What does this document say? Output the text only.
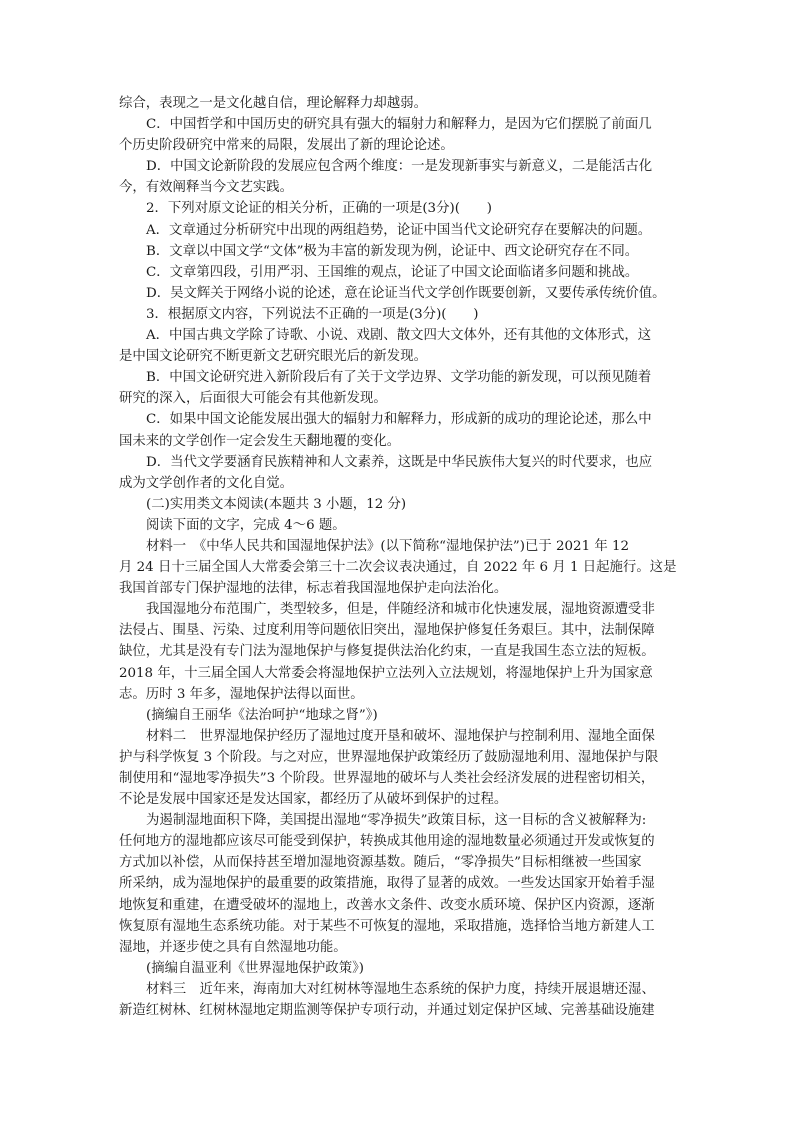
综合，表现之一是文化越自信，理论解释力却越弱。
C．中国哲学和中国历史的研究具有强大的辐射力和解释力，是因为它们摆脱了前面几
个历史阶段研究中常来的局限，发展出了新的理论论述。
D．中国文论新阶段的发展应包含两个维度：一是发现新事实与新意义，二是能活古化
今，有效阐释当今文艺实践。
2．下列对原文论证的相关分析，正确的一项是(3分)(　　)
A．文章通过分析研究中出现的两组趋势，论证中国当代文论研究存在要解决的问题。
B．文章以中国文学“文体”极为丰富的新发现为例，论证中、西文论研究存在不同。
C．文章第四段，引用严羽、王国维的观点，论证了中国文论面临诸多问题和挑战。
D．吴文辉关于网络小说的论述，意在论证当代文学创作既要创新，又要传承传统价值。
3．根据原文内容，下列说法不正确的一项是(3分)(　　)
A．中国古典文学除了诗歌、小说、戏剧、散文四大文体外，还有其他的文体形式，这
是中国文论研究不断更新文艺研究眼光后的新发现。
B．中国文论研究进入新阶段后有了关于文学边界、文学功能的新发现，可以预见随着
研究的深入，后面很大可能会有其他新发现。
C．如果中国文论能发展出强大的辐射力和解释力，形成新的成功的理论论述，那么中
国未来的文学创作一定会发生天翻地覆的变化。
D．当代文学要涵育民族精神和人文素养，这既是中华民族伟大复兴的时代要求，也应
成为文学创作者的文化自觉。
(二)实用类文本阅读(本题共 3 小题，12 分)
阅读下面的文字，完成 4～6 题。
材料一　《中华人民共和国湿地保护法》(以下简称“湿地保护法”)已于 2021 年 12
月 24 日十三届全国人大常委会第三十二次会议表决通过，自 2022 年 6 月 1 日起施行。这是
我国首部专门保护湿地的法律，标志着我国湿地保护走向法治化。
我国湿地分布范围广，类型较多，但是，伴随经济和城市化快速发展，湿地资源遭受非
法侵占、围垦、污染、过度利用等问题依旧突出，湿地保护修复任务艰巨。其中，法制保障
缺位，尤其是没有专门法为湿地保护与修复提供法治化约束，一直是我国生态立法的短板。
2018 年，十三届全国人大常委会将湿地保护立法列入立法规划，将湿地保护上升为国家意
志。历时 3 年多，湿地保护法得以面世。
(摘编自王丽华《法治呵护“地球之肾”》)
材料二　世界湿地保护经历了湿地过度开垦和破坏、湿地保护与控制利用、湿地全面保
护与科学恢复 3 个阶段。与之对应，世界湿地保护政策经历了鼓励湿地利用、湿地保护与限
制使用和“湿地零净损失”3 个阶段。世界湿地的破坏与人类社会经济发展的进程密切相关，
不论是发展中国家还是发达国家，都经历了从破坏到保护的过程。
为遏制湿地面积下降，美国提出湿地“零净损失”政策目标，这一目标的含义被解释为:
任何地方的湿地都应该尽可能受到保护，转换成其他用途的湿地数量必须通过开发或恢复的
方式加以补偿，从而保持甚至增加湿地资源基数。随后，“零净损失”目标相继被一些国家
所采纳，成为湿地保护的最重要的政策措施，取得了显著的成效。一些发达国家开始着手湿
地恢复和重建，在遭受破坏的湿地上，改善水文条件、改变水质环境、保护区内资源，逐渐
恢复原有湿地生态系统功能。对于某些不可恢复的湿地，采取措施，选择恰当地方新建人工
湿地，并逐步使之具有自然湿地功能。
(摘编自温亚利《世界湿地保护政策》)
材料三　近年来，海南加大对红树林等湿地生态系统的保护力度，持续开展退塘还湿、
新造红树林、红树林湿地定期监测等保护专项行动，并通过划定保护区域、完善基础设施建
